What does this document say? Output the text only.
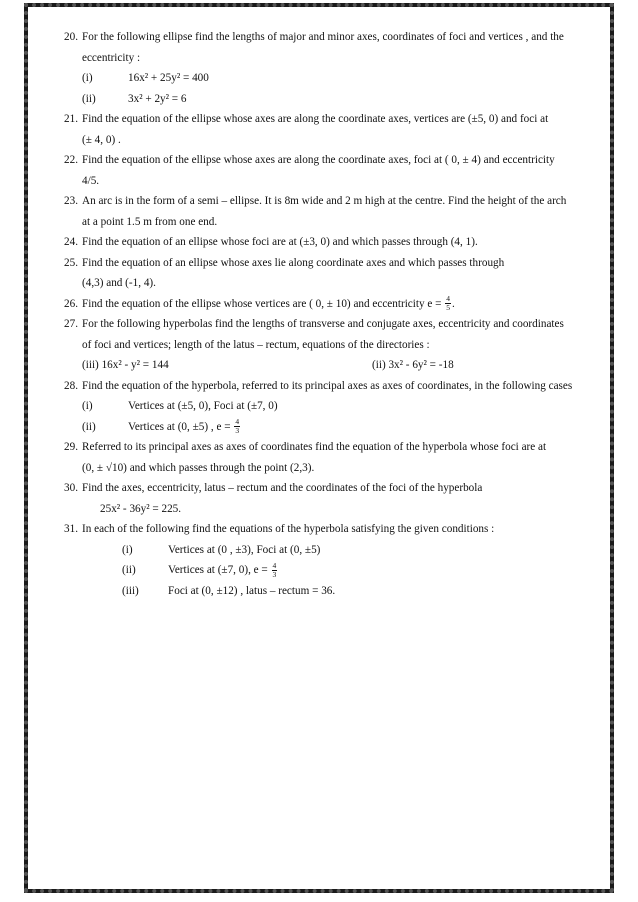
20. For the following ellipse find the lengths of major and minor axes, coordinates of foci and vertices , and the
eccentricity :
(i)	16x² + 25y² = 400
(ii)	3x² + 2y² = 6
21. Find the equation of the ellipse whose axes are along the coordinate axes, vertices are (±5, 0) and foci at
(± 4, 0) .
22. Find the equation of the ellipse whose axes are along the coordinate axes, foci at ( 0, ± 4) and eccentricity
4/5.
23. An arc is in the form of a semi – ellipse. It is 8m wide and 2 m high at the centre. Find the height of the arch
at a point 1.5 m from one end.
24. Find the equation of an ellipse whose foci are at (±3, 0) and which passes through (4, 1).
25. Find the equation of an ellipse whose axes lie along coordinate axes and which passes through
(4,3) and (-1, 4).
26. Find the equation of the ellipse whose vertices are ( 0, ± 10) and eccentricity $e = \frac{4}{5}$ .
27. For the following hyperbolas find the lengths of transverse and conjugate axes, eccentricity and coordinates
of foci and vertices; length of the latus – rectum, equations of the directories :
(iii) 16x² - y² = 144	(ii) 3x² - 6y² = -18
28. Find the equation of the hyperbola, referred to its principal axes as axes of coordinates, in the following cases
(i)	Vertices at (±5, 0), Foci at (±7, 0)
(ii)	Vertices at (0, ±5) , $e = \frac{4}{3}$
29. Referred to its principal axes as axes of coordinates find the equation of the hyperbola whose foci are at
(0, ± √10) and which passes through the point (2,3).
30. Find the axes, eccentricity, latus – rectum and the coordinates of the foci of the hyperbola
25x² - 36y² = 225.
31. In each of the following find the equations of the hyperbola satisfying the given conditions :
(i)	Vertices at (0 , ±3), Foci at (0, ±5)
(ii)	Vertices at (±7, 0), $e = \frac{4}{3}$
(iii)	Foci at (0, ±12) , latus – rectum = 36.
